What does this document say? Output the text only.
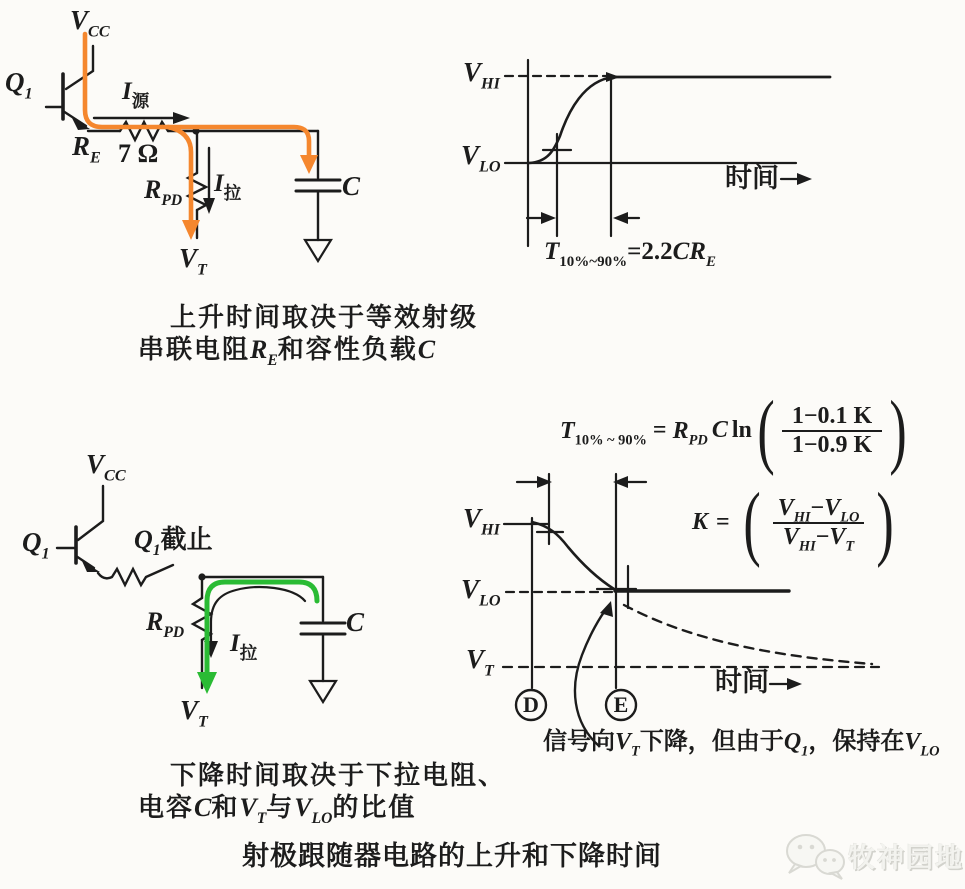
$V_{CC}$
$Q_1$	$I_源$
$R_E$ 7 Ω
$R_{PD}$
$I_拉$
$V_T$
C
$V_{HI}$
$V_{LO}$	时间
$T_{10\%\sim 90\%}=2.2CR_E$
上升时间取决于等效射级
串联电阻$R_E$和容性负载C
$V_{CC}$
$Q_1$	$Q_1$截止
$R_{PD}$ $I_拉$
$V_T$
C
$T_{10\% \sim 90\%} = R_{PD}$ C ln ( $\frac{1-0.1 K}{1-0.9 K}$ )
K = ( $\frac{V_{HI}-V_{LO}}{V_{HI}-V_T}$ )
$V_{HI}$
$V_{LO}$
$V_T$	时间
D	E
信号向$V_T$下降，但由于$Q_1$，保持在$V_{LO}$
下降时间取决于下拉电阻、
电容C和$V_T$与$V_{LO}$的比值
射极跟随器电路的上升和下降时间	牧神园地
